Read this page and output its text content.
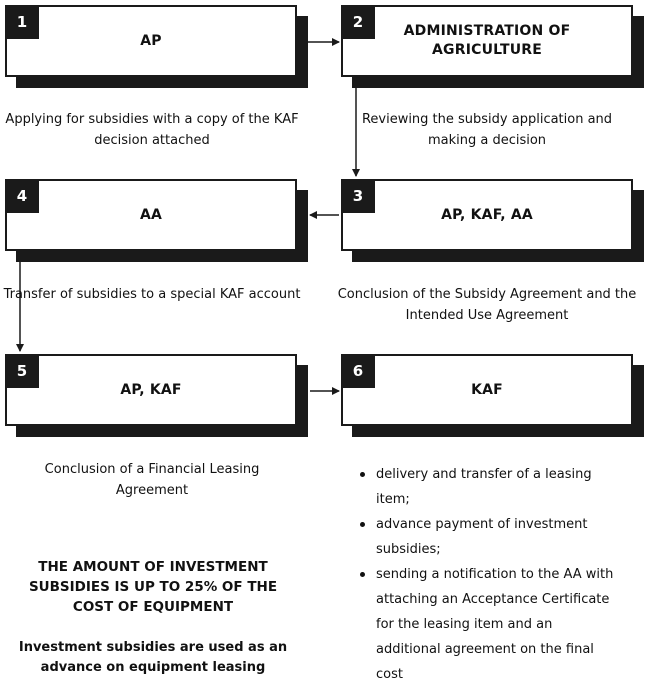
AP
1	ADMINISTRATION OF AGRICULTURE
2
Applying for subsidies with a copy of the KAF decision attached
Reviewing the subsidy application and making a decision
AA
4
AP, KAF, AA
3
Transfer of subsidies to a special KAF account	Conclusion of the Subsidy Agreement and the Intended Use Agreement
AP, KAF
5
KAF
6
Conclusion of a Financial Leasing Agreement
delivery and transfer of a leasing item;
advance payment of investment subsidies;
sending a notification to the AA with attaching an Acceptance Certificate for the leasing item and an additional agreement on the final cost
THE AMOUNT OF INVESTMENT SUBSIDIES IS UP TO 25% OF THE COST OF EQUIPMENT
Investment subsidies are used as an advance on equipment leasing
